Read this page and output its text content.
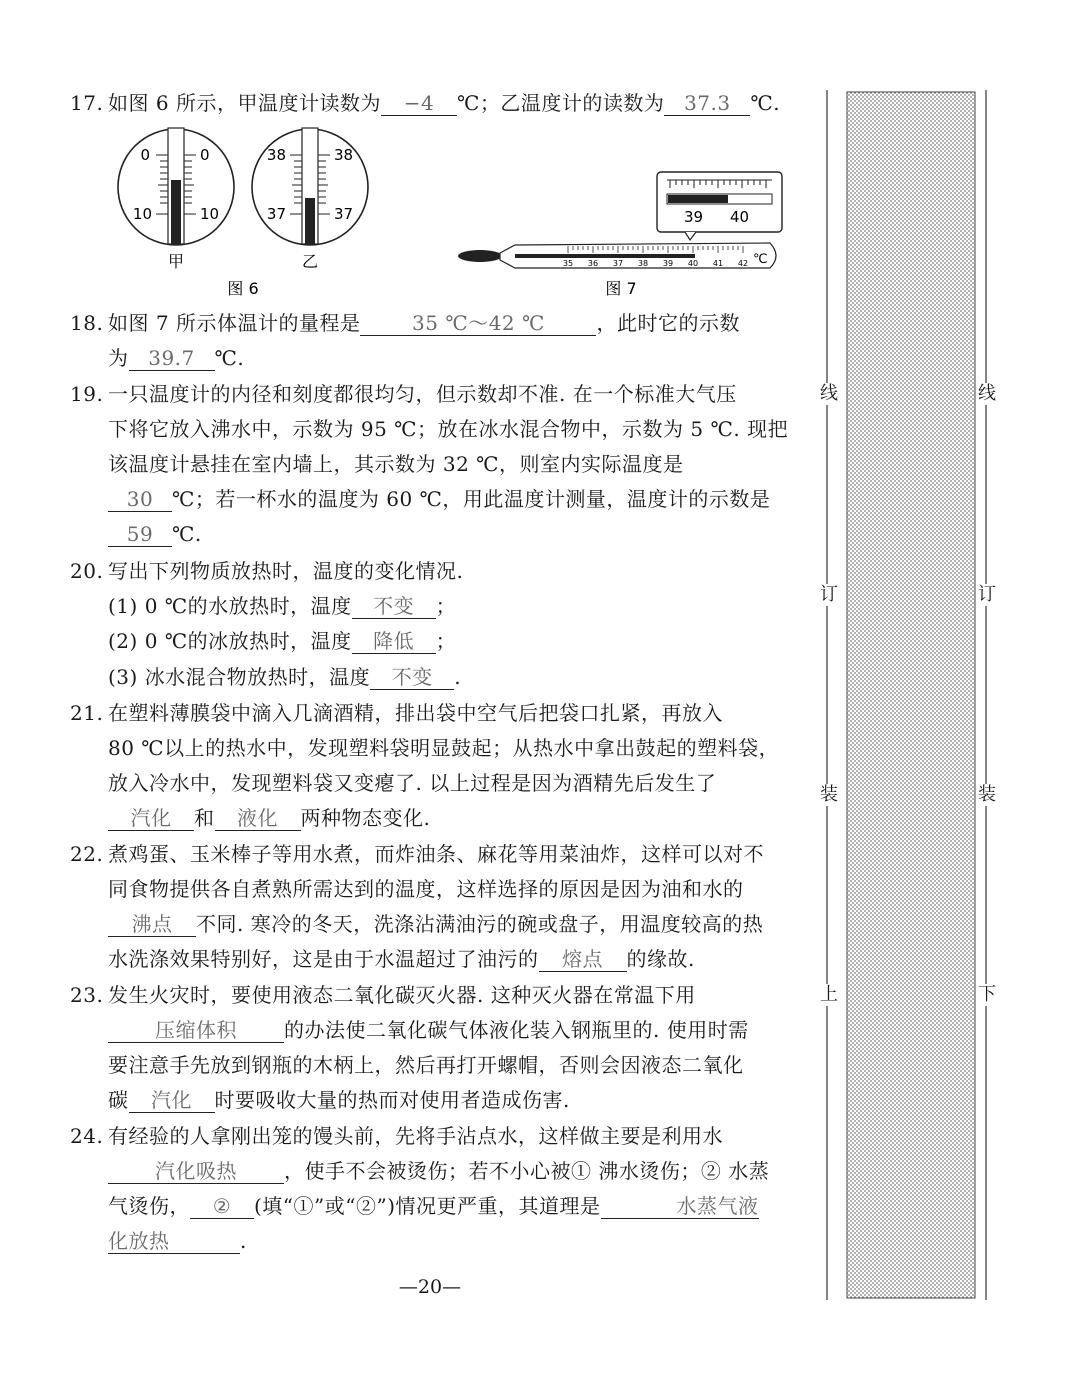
17. 如图 6 所示，甲温度计读数为 −4 ℃；乙温度计的读数为 37.3 ℃.
18. 如图 7 所示体温计的量程是	35 ℃～42 ℃	，此时它的示数
为 39.7 ℃.
19. 一只温度计的内径和刻度都很均匀，但示数却不准. 在一个标准大气压
下将它放入沸水中，示数为 95 ℃；放在冰水混合物中，示数为 5 ℃. 现把
该温度计悬挂在室内墙上，其示数为 32 ℃，则室内实际温度是
30 ℃；若一杯水的温度为 60 ℃，用此温度计测量，温度计的示数是
59 ℃.
20. 写出下列物质放热时，温度的变化情况.
(1) 0 ℃的水放热时，温度 不变 ；
(2) 0 ℃的冰放热时，温度 降低 ；
(3) 冰水混合物放热时，温度 不变 .
21. 在塑料薄膜袋中滴入几滴酒精，排出袋中空气后把袋口扎紧，再放入
80 ℃以上的热水中，发现塑料袋明显鼓起；从热水中拿出鼓起的塑料袋，
放入冷水中，发现塑料袋又变瘪了. 以上过程是因为酒精先后发生了
汽化 和 液化 两种物态变化.
22. 煮鸡蛋、玉米棒子等用水煮，而炸油条、麻花等用菜油炸，这样可以对不
同食物提供各自煮熟所需达到的温度，这样选择的原因是因为油和水的
沸点 不同. 寒冷的冬天，洗涤沾满油污的碗或盘子，用温度较高的热
水洗涤效果特别好，这是由于水温超过了油污的 熔点 的缘故.
23. 发生火灾时，要使用液态二氧化碳灭火器. 这种灭火器在常温下用
压缩体积 的办法使二氧化碳气体液化装入钢瓶里的. 使用时需
要注意手先放到钢瓶的木柄上，然后再打开螺帽，否则会因液态二氧化
碳 汽化 时要吸收大量的热而对使用者造成伤害.
24. 有经验的人拿刚出笼的馒头前，先将手沾点水，这样做主要是利用水
汽化吸热 ，使手不会被烫伤；若不小心被① 沸水烫伤；② 水蒸
气烫伤， ② (填“①”或“②”)情况更严重，其道理是	水蒸气液
化放热	.
0	0
10	10
甲
38	38
37	37
乙
39 40
35 36 37 38 39 40 41 42 ℃
图 6	图 7
线
订
装
上
线
订
装
下
—20—
